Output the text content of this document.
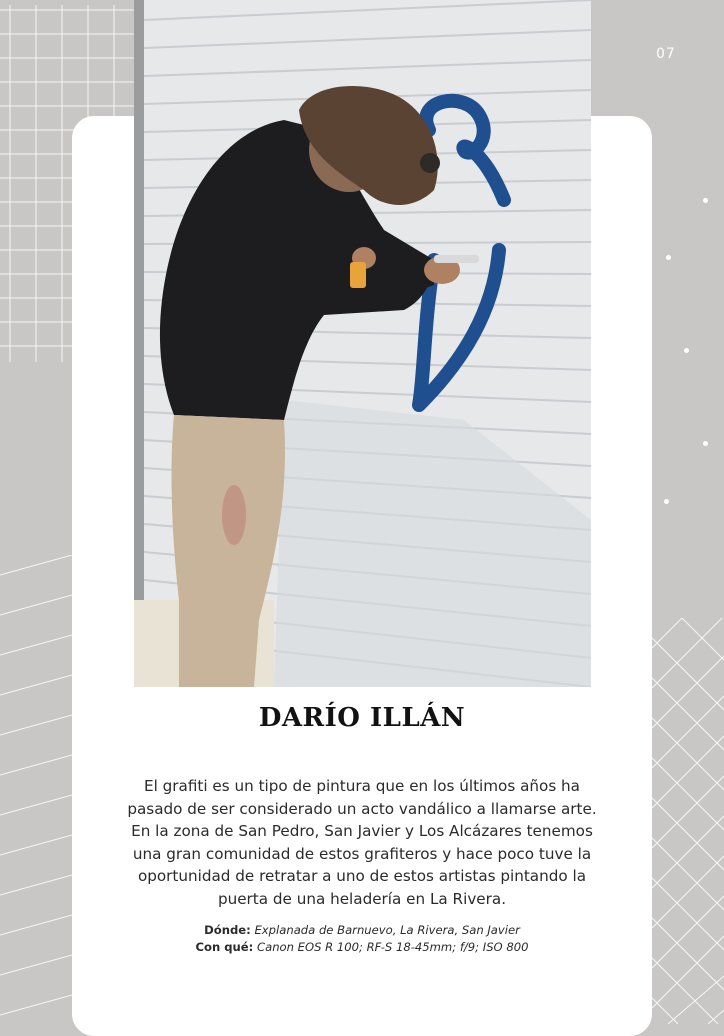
07
DARÍO ILLÁN

El grafiti es un tipo de pintura que en los últimos años ha pasado de ser considerado un acto vandálico a llamarse arte. En la zona de San Pedro, San Javier y Los Alcázares tenemos una gran comunidad de estos grafiteros y hace poco tuve la oportunidad de retratar a uno de estos artistas pintando la puerta de una heladería en La Rivera.

Dónde: Explanada de Barnuevo, La Rivera, San Javier
Con qué: Canon EOS R 100; RF-S 18-45mm; f/9; ISO 800
